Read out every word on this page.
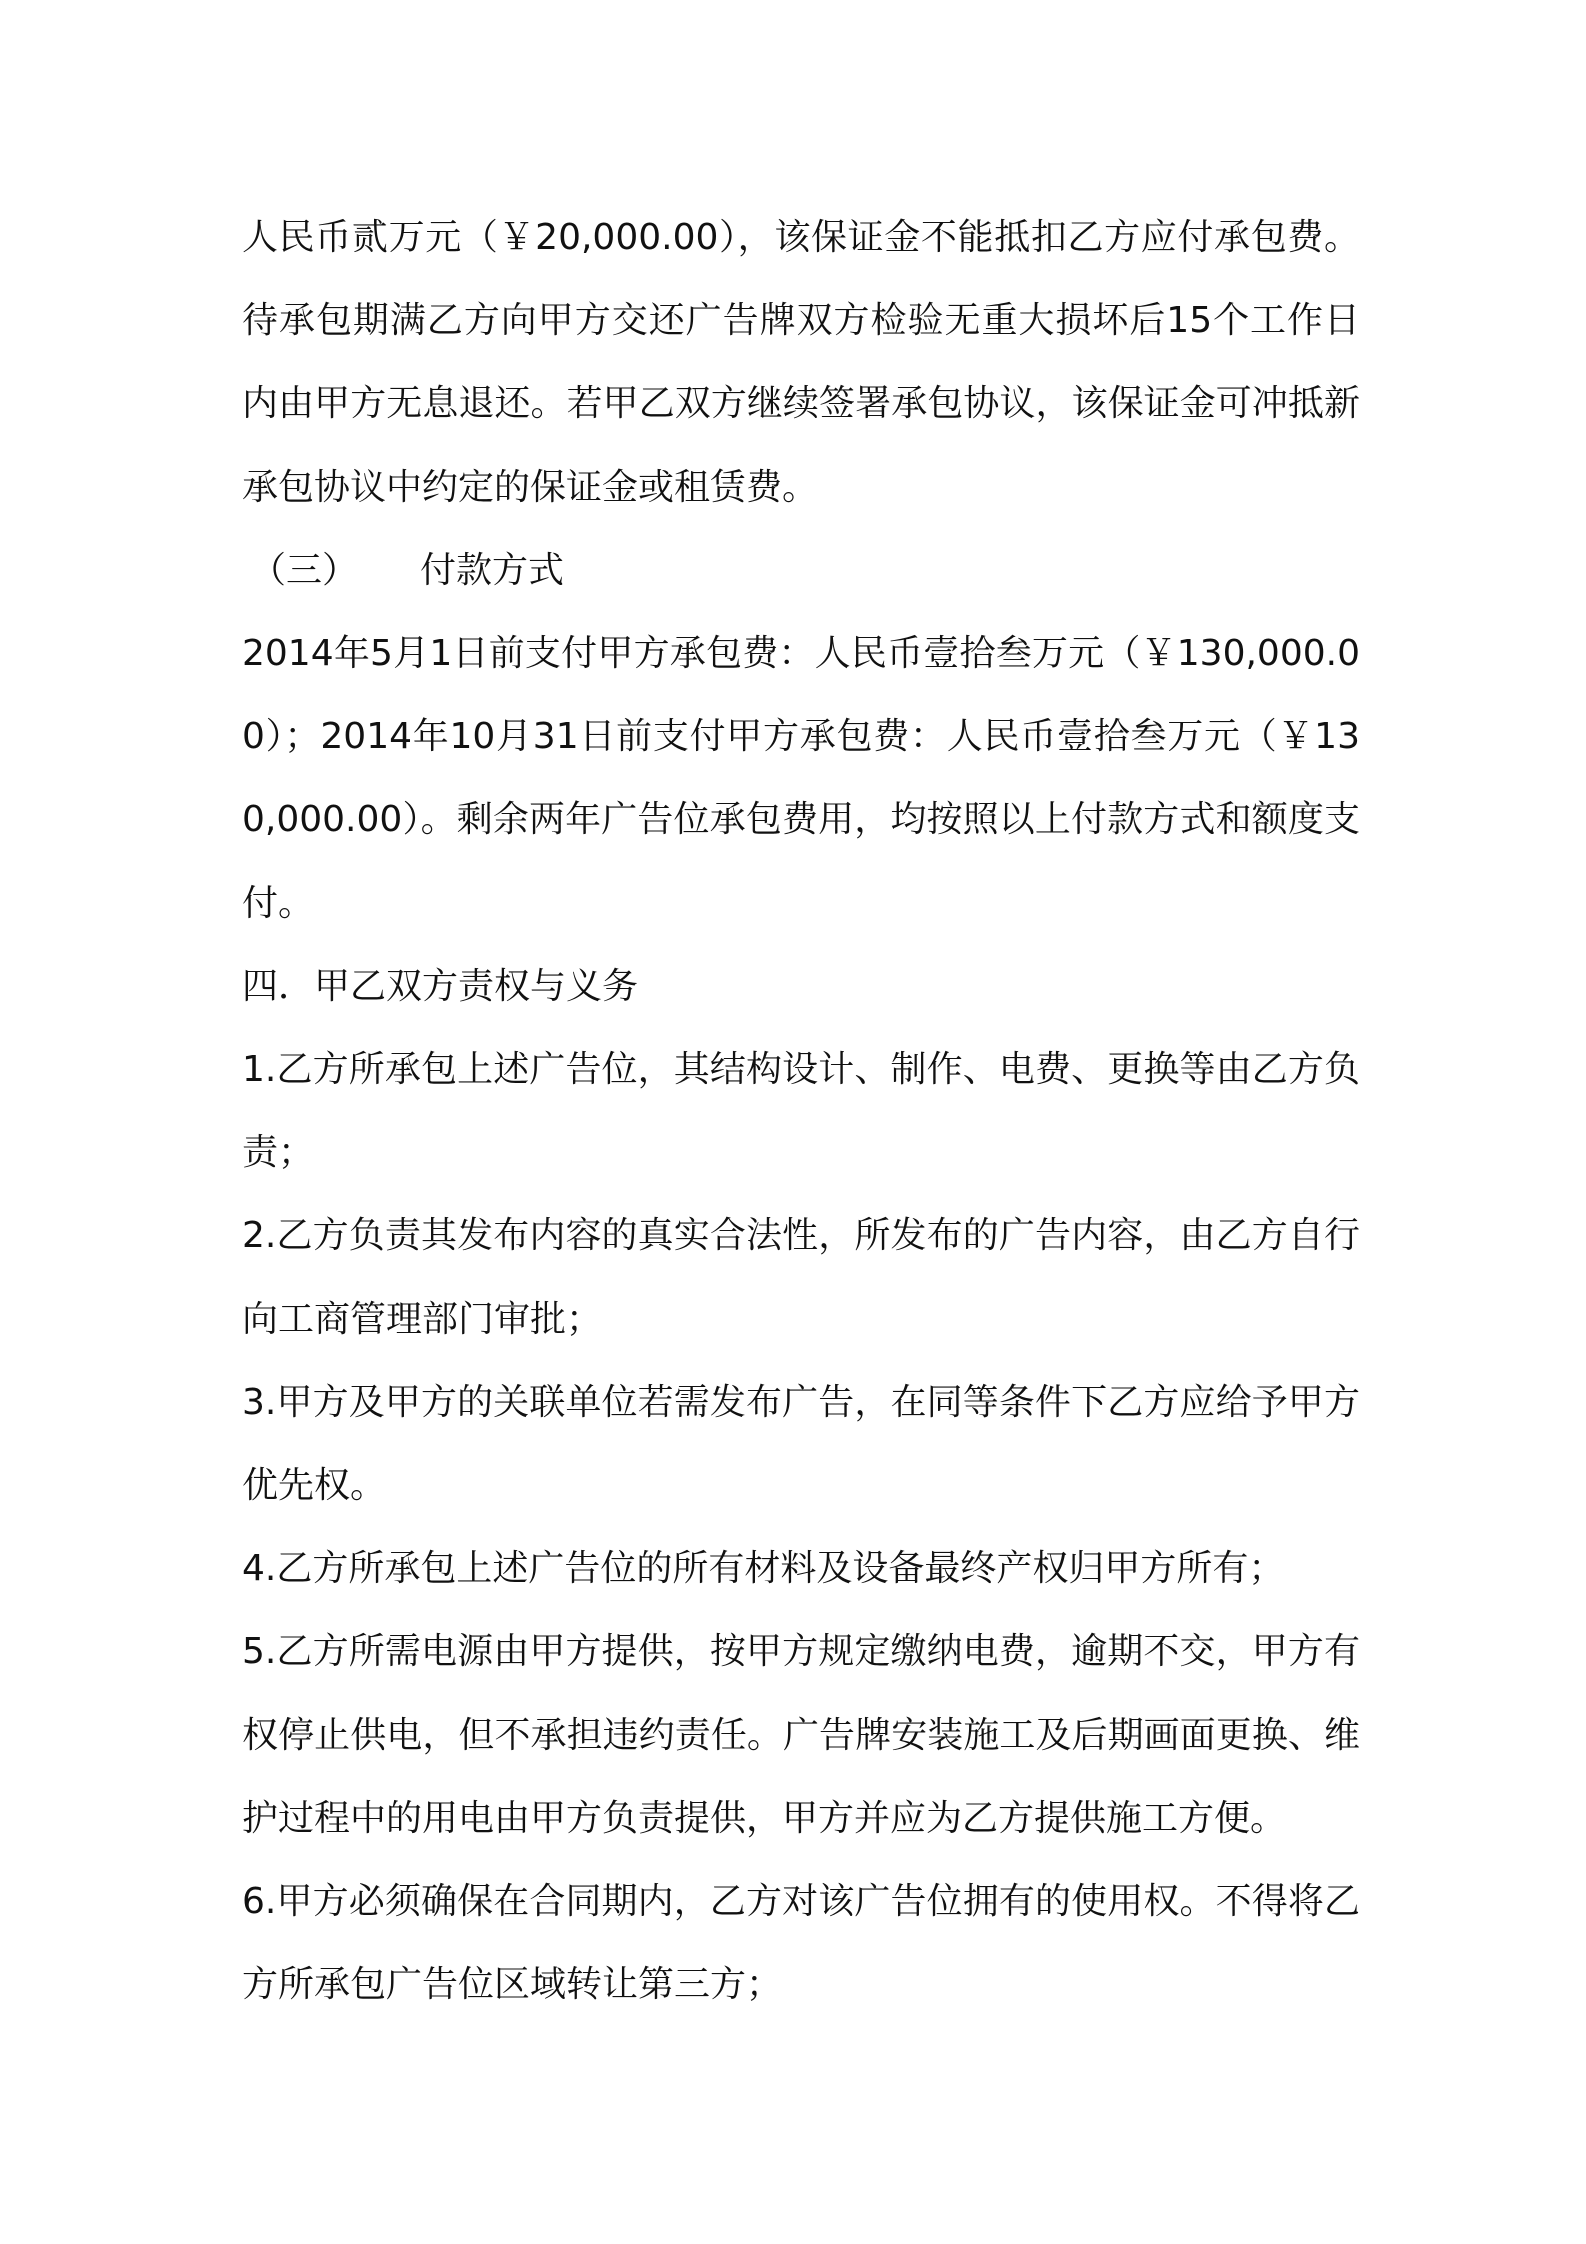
人民币贰万元（￥20,000.00），该保证金不能抵扣乙方应付承包费。待承包期满乙方向甲方交还广告牌双方检验无重大损坏后15个工作日内由甲方无息退还。若甲乙双方继续签署承包协议，该保证金可冲抵新承包协议中约定的保证金或租赁费。

（三） 付款方式

2014年5月1日前支付甲方承包费：人民币壹拾叁万元（￥130,000.00）；2014年10月31日前支付甲方承包费：人民币壹拾叁万元（￥130,000.00）。剩余两年广告位承包费用，均按照以上付款方式和额度支付。

四．甲乙双方责权与义务

1.乙方所承包上述广告位，其结构设计、制作、电费、更换等由乙方负责；

2.乙方负责其发布内容的真实合法性，所发布的广告内容，由乙方自行向工商管理部门审批；

3.甲方及甲方的关联单位若需发布广告，在同等条件下乙方应给予甲方优先权。

4.乙方所承包上述广告位的所有材料及设备最终产权归甲方所有；

5.乙方所需电源由甲方提供，按甲方规定缴纳电费，逾期不交，甲方有权停止供电，但不承担违约责任。广告牌安装施工及后期画面更换、维护过程中的用电由甲方负责提供，甲方并应为乙方提供施工方便。

6.甲方必须确保在合同期内，乙方对该广告位拥有的使用权。不得将乙方所承包广告位区域转让第三方；
